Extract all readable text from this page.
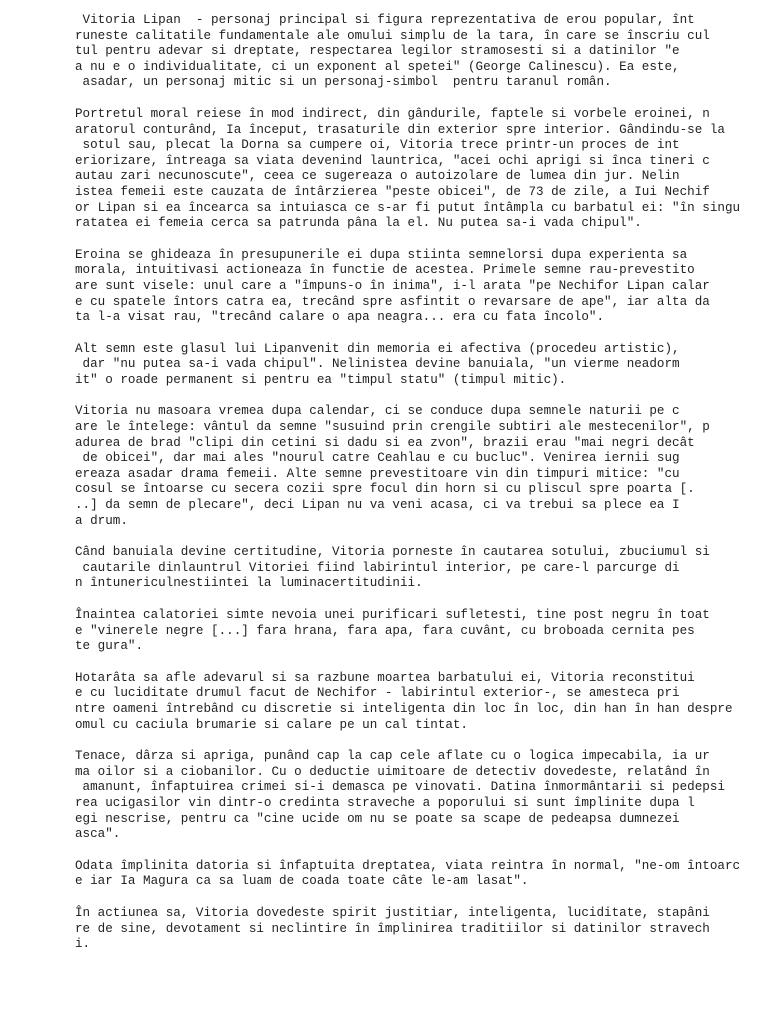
Vitoria Lipan  - personaj principal si figura reprezentativa de erou popular, înt
runeste calitatile fundamentale ale omului simplu de la tara, în care se înscriu cul
tul pentru adevar si dreptate, respectarea legilor stramosesti si a datinilor "e
a nu e o individualitate, ci un exponent al spetei" (George Calinescu). Ea este,
asadar, un personaj mitic si un personaj-simbol  pentru taranul român.
Portretul moral reiese în mod indirect, din gândurile, faptele si vorbele eroinei, n
aratorul conturând, Ia început, trasaturile din exterior spre interior. Gândindu-se la
sotul sau, plecat la Dorna sa cumpere oi, Vitoria trece printr-un proces de int
eriorizare, întreaga sa viata devenind launtrica, "acei ochi aprigi si înca tineri c
autau zari necunoscute", ceea ce sugereaza o autoizolare de lumea din jur. Nelin
istea femeii este cauzata de întârzierea "peste obicei", de 73 de zile, a Iui Nechif
or Lipan si ea încearca sa intuiasca ce s-ar fi putut întâmpla cu barbatul ei: "în singu
ratatea ei femeia cerca sa patrunda pâna la el. Nu putea sa-i vada chipul".
Eroina se ghideaza în presupunerile ei dupa stiinta semnelorsi dupa experienta sa
morala, intuitivasi actioneaza în functie de acestea. Primele semne rau-prevestito
are sunt visele: unul care a "împuns-o în inima", i-l arata "pe Nechifor Lipan calar
e cu spatele întors catra ea, trecând spre asfintit o revarsare de ape", iar alta da
ta l-a visat rau, "trecând calare o apa neagra... era cu fata încolo".
Alt semn este glasul lui Lipanvenit din memoria ei afectiva (procedeu artistic),
dar "nu putea sa-i vada chipul". Nelinistea devine banuiala, "un vierme neadorm
it" o roade permanent si pentru ea "timpul statu" (timpul mitic).
Vitoria nu masoara vremea dupa calendar, ci se conduce dupa semnele naturii pe c
are le întelege: vântul da semne "susuind prin crengile subtiri ale mestecenilor", p
adurea de brad "clipi din cetini si dadu si ea zvon", brazii erau "mai negri decât
de obicei", dar mai ales "nourul catre Ceahlau e cu bucluc". Venirea iernii sug
ereaza asadar drama femeii. Alte semne prevestitoare vin din timpuri mitice: "cu
cosul se întoarse cu secera cozii spre focul din horn si cu pliscul spre poarta [.
..] da semn de plecare", deci Lipan nu va veni acasa, ci va trebui sa plece ea I
a drum.
Când banuiala devine certitudine, Vitoria porneste în cautarea sotului, zbuciumul si
cautarile dinlauntrul Vitoriei fiind labirintul interior, pe care-l parcurge di
n întunericulnestiintei la luminacertitudinii.
Înaintea calatoriei simte nevoia unei purificari sufletesti, tine post negru în toat
e "vinerele negre [...] fara hrana, fara apa, fara cuvânt, cu broboada cernita pes
te gura".
Hotarâta sa afle adevarul si sa razbune moartea barbatului ei, Vitoria reconstitui
e cu luciditate drumul facut de Nechifor - labirintul exterior-, se amesteca pri
ntre oameni întrebând cu discretie si inteligenta din loc în loc, din han în han despre
omul cu caciula brumarie si calare pe un cal tintat.
Tenace, dârza si apriga, punând cap la cap cele aflate cu o logica impecabila, ia ur
ma oilor si a ciobanilor. Cu o deductie uimitoare de detectiv dovedeste, relatând în
amanunt, înfaptuirea crimei si-i demasca pe vinovati. Datina înmormântarii si pedepsi
rea ucigasilor vin dintr-o credinta straveche a poporului si sunt împlinite dupa l
egi nescrise, pentru ca "cine ucide om nu se poate sa scape de pedeapsa dumnezei
asca".
Odata împlinita datoria si înfaptuita dreptatea, viata reintra în normal, "ne-om întoarc
e iar Ia Magura ca sa luam de coada toate câte le-am lasat".
În actiunea sa, Vitoria dovedeste spirit justitiar, inteligenta, luciditate, stapâni
re de sine, devotament si neclintire în împlinirea traditiilor si datinilor stravech
i.
